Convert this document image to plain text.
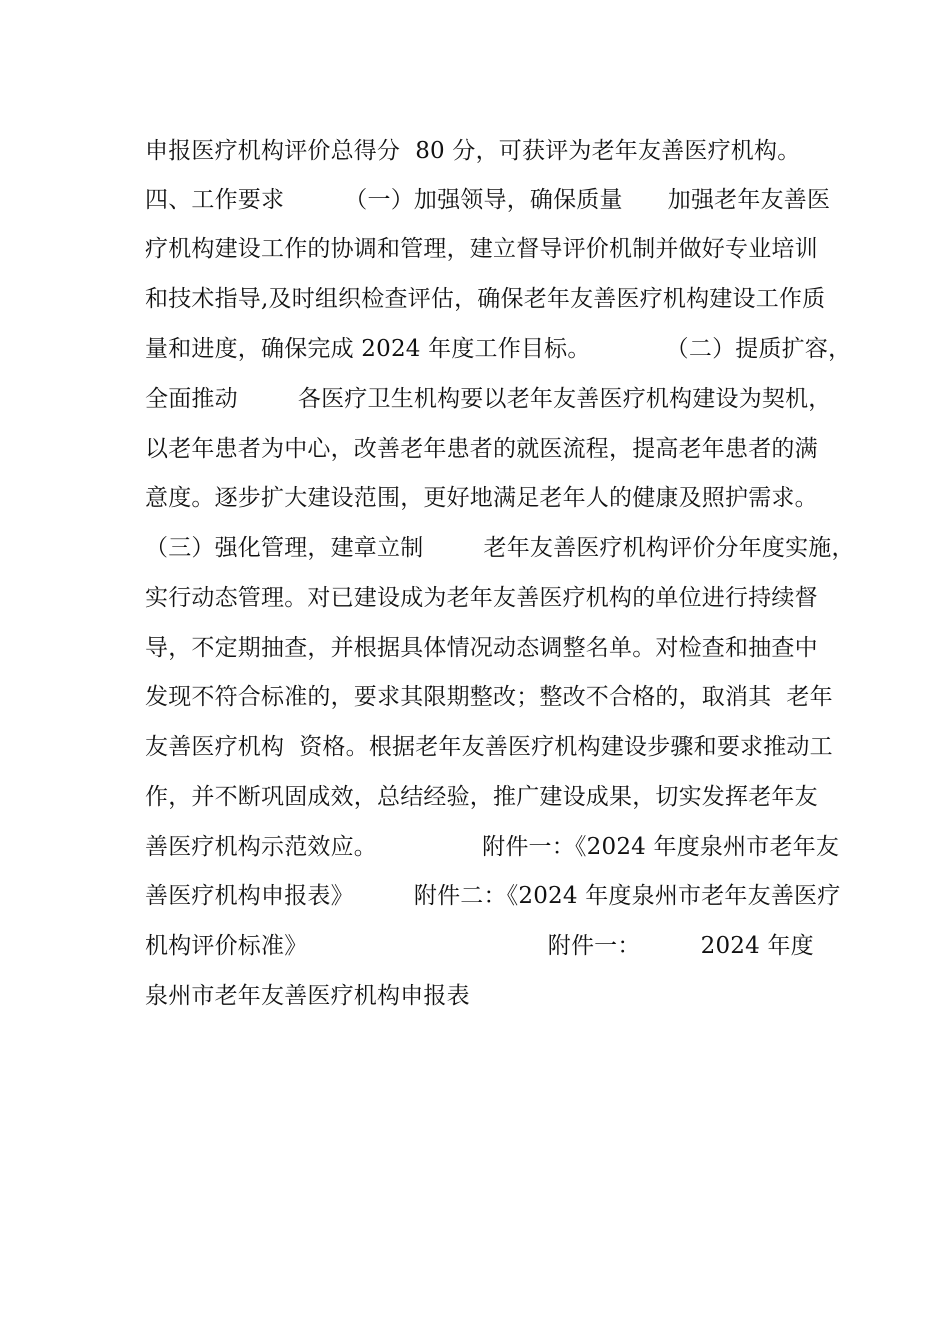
申报医疗机构评价总得分  80 分，可获评为老年友善医疗机构。
四、工作要求        （一）加强领导，确保质量      加强老年友善医
疗机构建设工作的协调和管理，建立督导评价机制并做好专业培训
和技术指导,及时组织检查评估，确保老年友善医疗机构建设工作质
量和进度，确保完成 2024 年度工作目标。          （二）提质扩容，
全面推动        各医疗卫生机构要以老年友善医疗机构建设为契机，
以老年患者为中心，改善老年患者的就医流程，提高老年患者的满
意度。逐步扩大建设范围，更好地满足老年人的健康及照护需求。
（三）强化管理，建章立制        老年友善医疗机构评价分年度实施，
实行动态管理。对已建设成为老年友善医疗机构的单位进行持续督
导，不定期抽查，并根据具体情况动态调整名单。对检查和抽查中
发现不符合标准的，要求其限期整改；整改不合格的，取消其  老年
友善医疗机构  资格。根据老年友善医疗机构建设步骤和要求推动工
作，并不断巩固成效，总结经验，推广建设成果，切实发挥老年友
善医疗机构示范效应。              附件一：《2024 年度泉州市老年友
善医疗机构申报表》        附件二：《2024 年度泉州市老年友善医疗
机构评价标准》                                附件一：        2024 年度
泉州市老年友善医疗机构申报表
